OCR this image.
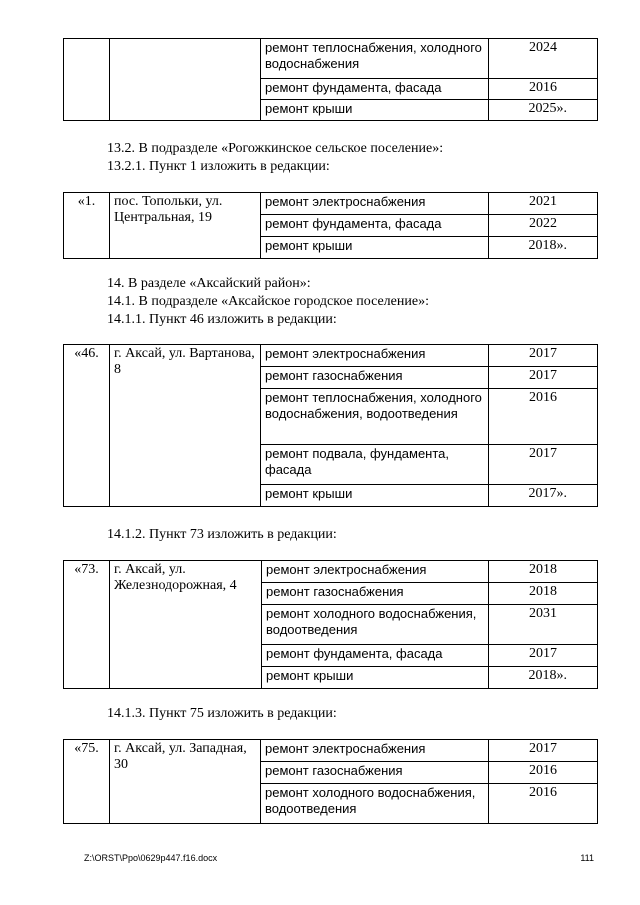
		ремонт теплоснабжения, холодного водоснабжения	2024
		ремонт фундамента, фасада	2016
		ремонт крыши	2025».
13.2. В подразделе «Рогожкинское сельское поселение»:
13.2.1. Пункт 1 изложить в редакции:
«1.	пос. Топольки, ул. Центральная, 19	ремонт электроснабжения	2021
		ремонт фундамента, фасада	2022
		ремонт крыши	2018».
14. В разделе «Аксайский район»:
14.1. В подразделе «Аксайское городское поселение»:
14.1.1. Пункт 46 изложить в редакции:
«46.	г. Аксай, ул. Вартанова, 8	ремонт электроснабжения	2017
		ремонт газоснабжения	2017
		ремонт теплоснабжения, холодного водоснабжения, водоотведения	2016
		ремонт подвала, фундамента, фасада	2017
		ремонт крыши	2017».
14.1.2. Пункт 73 изложить в редакции:
«73.	г. Аксай, ул. Железнодорожная, 4	ремонт электроснабжения	2018
		ремонт газоснабжения	2018
		ремонт холодного водоснабжения, водоотведения	2031
		ремонт фундамента, фасада	2017
		ремонт крыши	2018».
14.1.3. Пункт 75 изложить в редакции:
«75.	г. Аксай, ул. Западная, 30	ремонт электроснабжения	2017
		ремонт газоснабжения	2016
		ремонт холодного водоснабжения, водоотведения	2016
Z:\ORST\Ppo\0629p447.f16.docx	111
